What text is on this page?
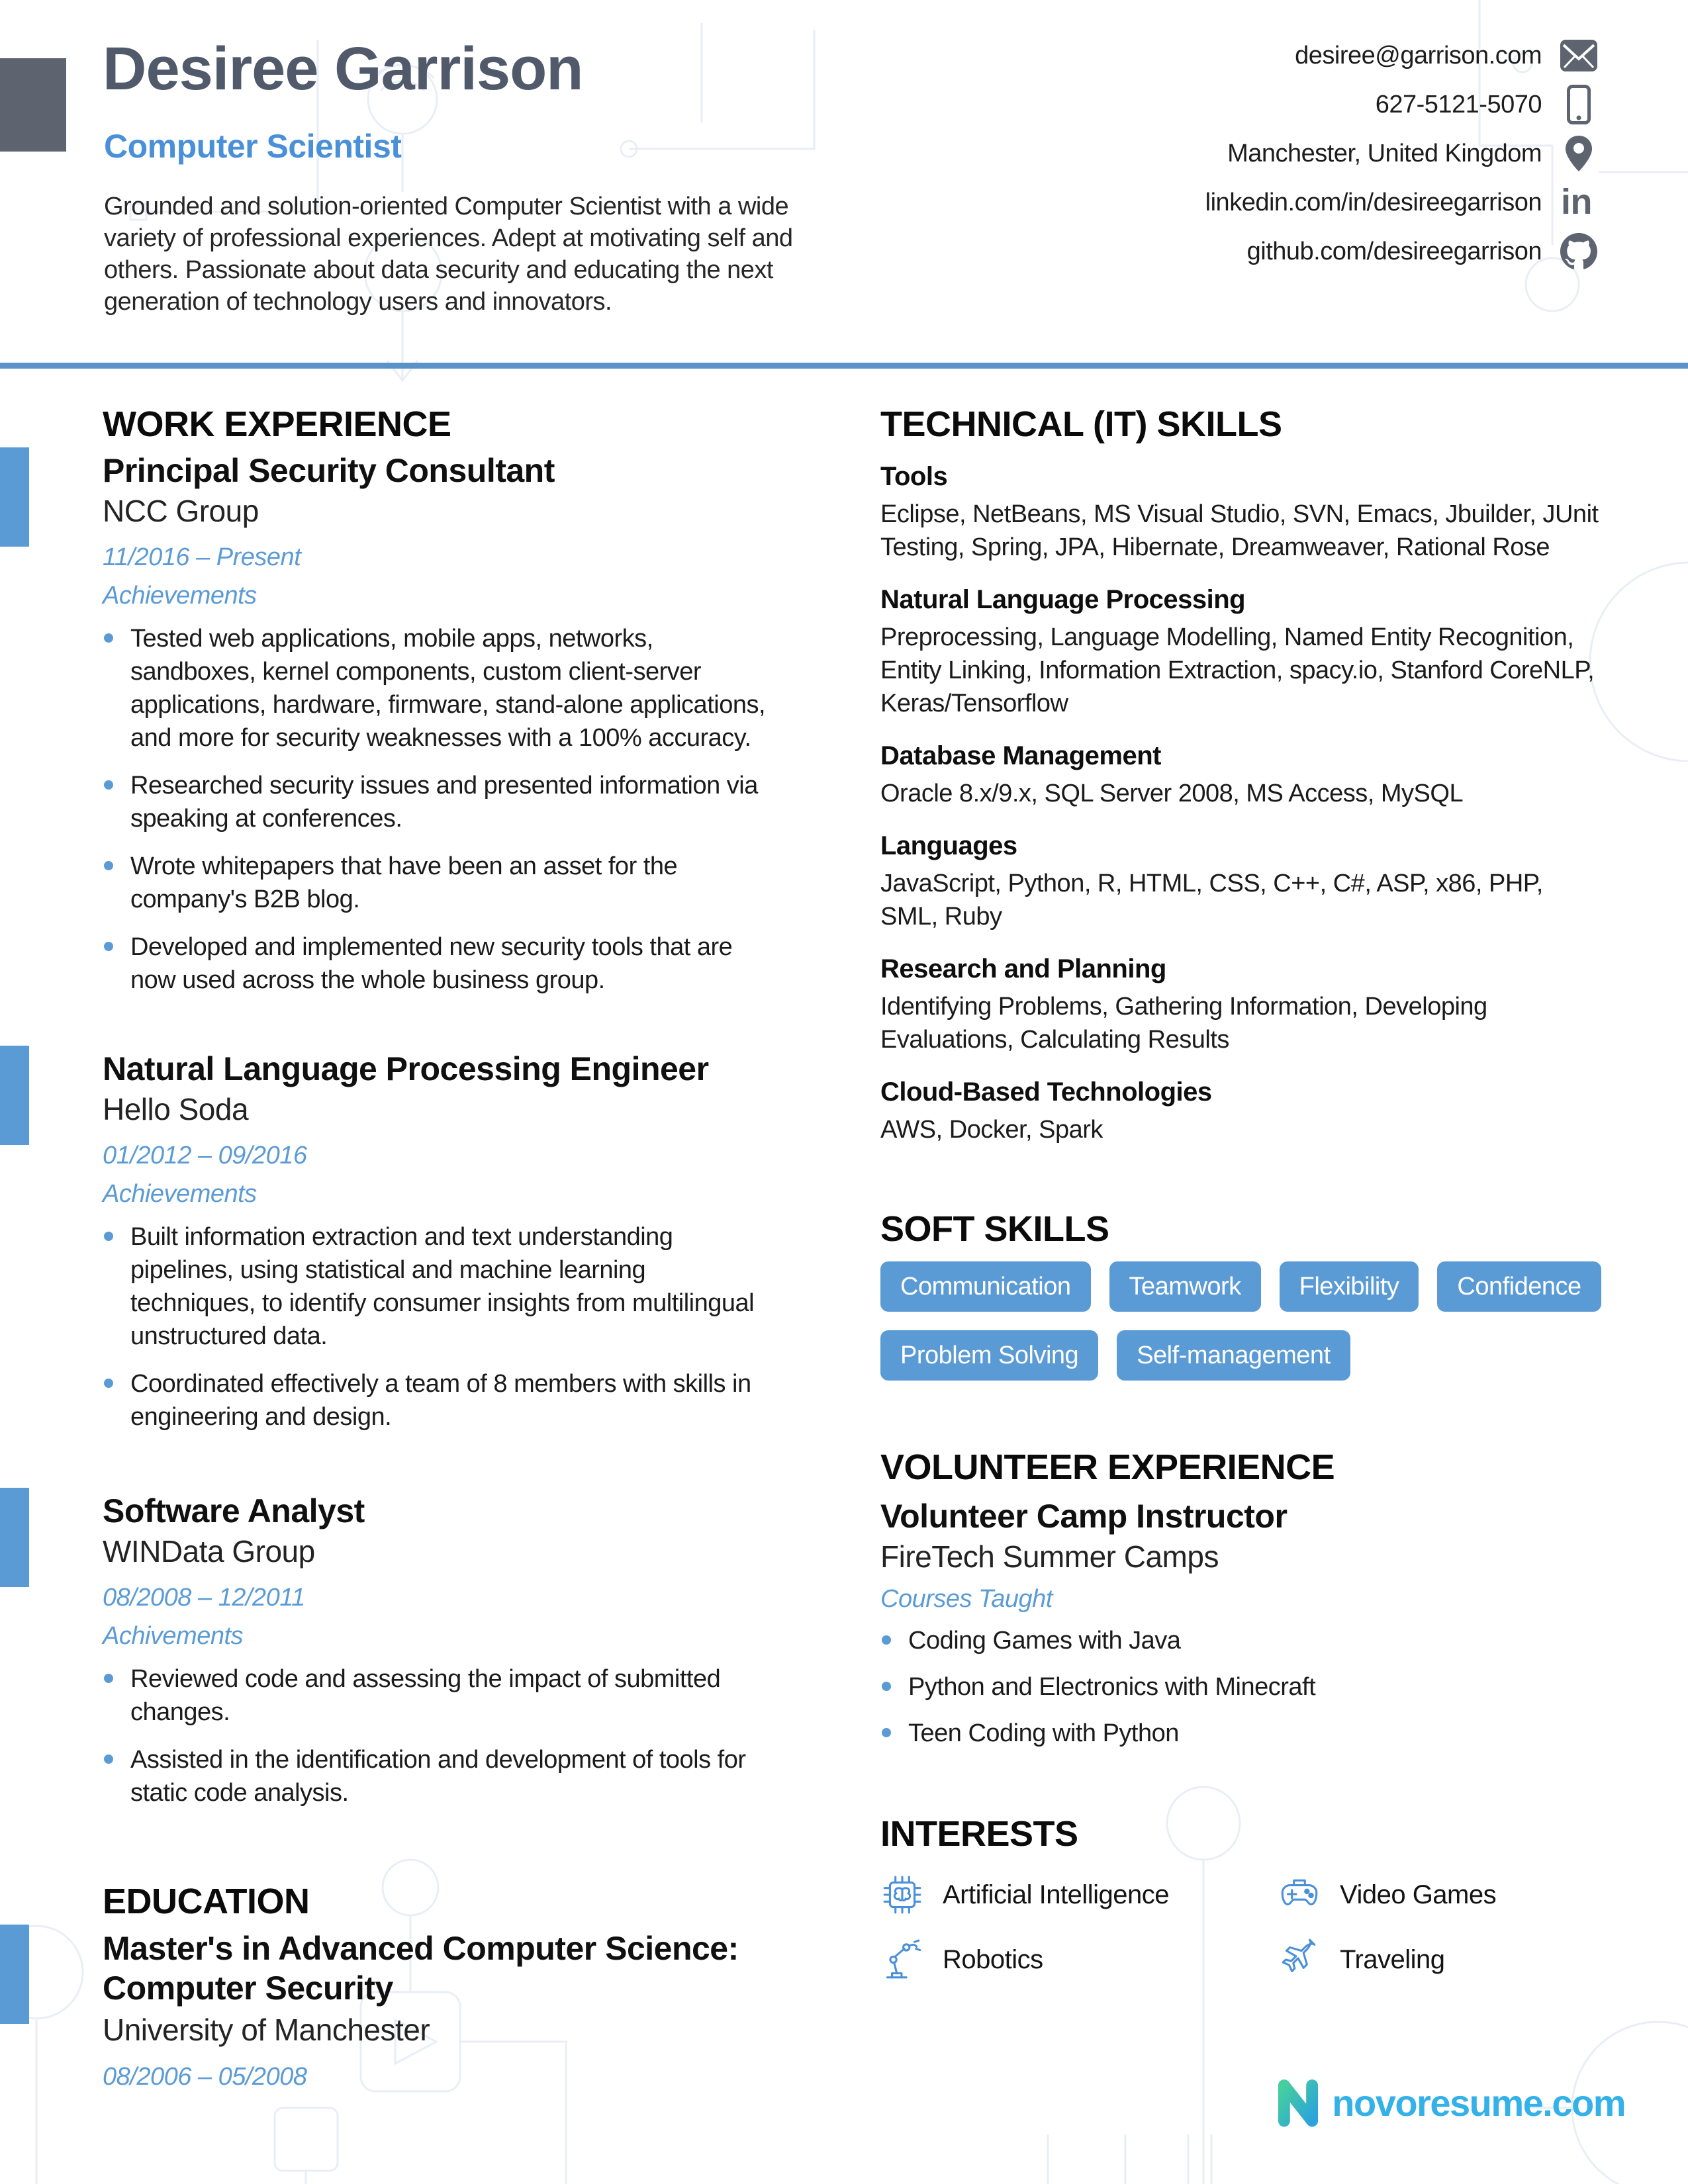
Desiree Garrison
Computer Scientist
Grounded and solution-oriented Computer Scientist with a wide variety of professional experiences. Adept at motivating self and others. Passionate about data security and educating the next generation of technology users and innovators.
desiree@garrison.com
627-5121-5070
Manchester, United Kingdom
linkedin.com/in/desireegarrison in
github.com/desireegarrison
WORK EXPERIENCE
Principal Security Consultant
NCC Group
11/2016 – Present
Achievements
Tested web applications, mobile apps, networks, sandboxes, kernel components, custom client-server applications, hardware, firmware, stand-alone applications, and more for security weaknesses with a 100% accuracy.
Researched security issues and presented information via speaking at conferences.
Wrote whitepapers that have been an asset for the company's B2B blog.
Developed and implemented new security tools that are now used across the whole business group.
Natural Language Processing Engineer
Hello Soda
01/2012 – 09/2016
Achievements
Built information extraction and text understanding pipelines, using statistical and machine learning techniques, to identify consumer insights from multilingual unstructured data.
Coordinated effectively a team of 8 members with skills in engineering and design.
Software Analyst
WINData Group
08/2008 – 12/2011
Achivements
Reviewed code and assessing the impact of submitted changes.
Assisted in the identification and development of tools for static code analysis.
EDUCATION
Master's in Advanced Computer Science: Computer Security
University of Manchester
08/2006 – 05/2008
TECHNICAL (IT) SKILLS
Tools
Eclipse, NetBeans, MS Visual Studio, SVN, Emacs, Jbuilder, JUnit Testing, Spring, JPA, Hibernate, Dreamweaver, Rational Rose
Natural Language Processing
Preprocessing, Language Modelling, Named Entity Recognition, Entity Linking, Information Extraction, spacy.io, Stanford CoreNLP, Keras/Tensorflow
Database Management
Oracle 8.x/9.x, SQL Server 2008, MS Access, MySQL
Languages
JavaScript, Python, R, HTML, CSS, C++, C#, ASP, x86, PHP, SML, Ruby
Research and Planning
Identifying Problems, Gathering Information, Developing Evaluations, Calculating Results
Cloud-Based Technologies
AWS, Docker, Spark
SOFT SKILLS
Communication	Teamwork	Flexibility	Confidence
Problem Solving	Self-management
VOLUNTEER EXPERIENCE
Volunteer Camp Instructor
FireTech Summer Camps
Courses Taught
Coding Games with Java
Python and Electronics with Minecraft
Teen Coding with Python
INTERESTS
Artificial Intelligence	Video Games
Robotics	Traveling
novoresume.com
